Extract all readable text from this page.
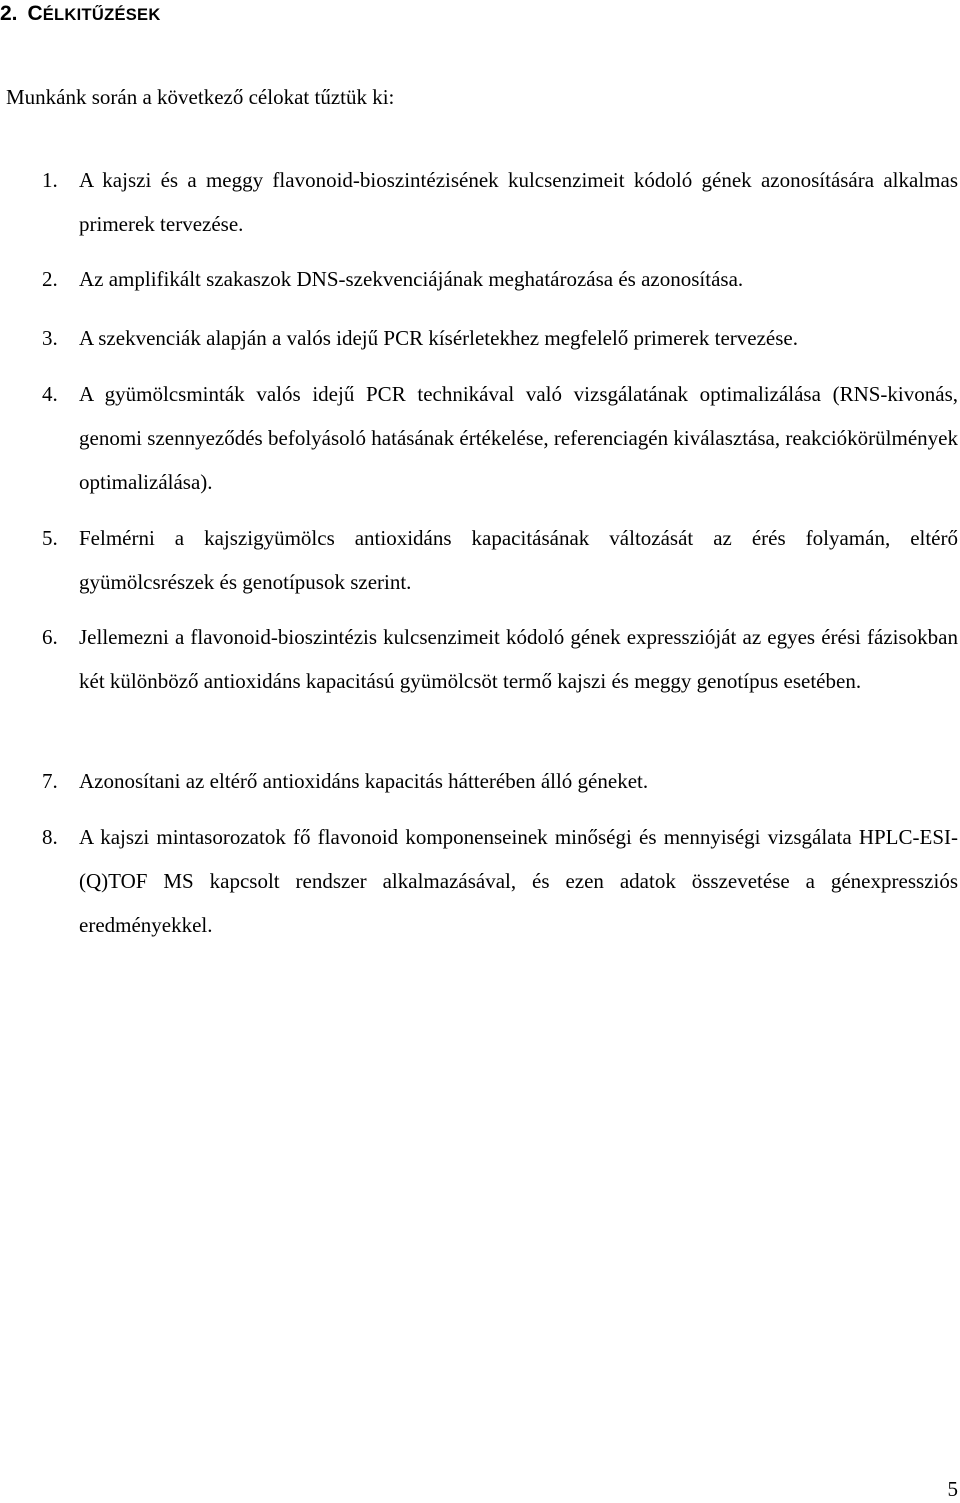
2. CÉLKITŰZÉSEK

Munkánk során a következő célokat tűztük ki:

1. A kajszi és a meggy flavonoid-bioszintézisének kulcsenzimeit kódoló gének azonosítására alkalmas primerek tervezése.
2. Az amplifikált szakaszok DNS-szekvenciájának meghatározása és azonosítása.
3. A szekvenciák alapján a valós idejű PCR kísérletekhez megfelelő primerek tervezése.
4. A gyümölcsminták valós idejű PCR technikával való vizsgálatának optimalizálása (RNS-kivonás, genomi szennyeződés befolyásoló hatásának értékelése, referenciagén kiválasztása, reakciókörülmények optimalizálása).
5. Felmérni a kajszigyümölcs antioxidáns kapacitásának változását az érés folyamán, eltérő gyümölcsrészek és genotípusok szerint.
6. Jellemezni a flavonoid-bioszintézis kulcsenzimeit kódoló gének expresszióját az egyes érési fázisokban két különböző antioxidáns kapacitású gyümölcsöt termő kajszi és meggy genotípus esetében.
7. Azonosítani az eltérő antioxidáns kapacitás hátterében álló géneket.
8. A kajszi mintasorozatok fő flavonoid komponenseinek minőségi és mennyiségi vizsgálata HPLC-ESI-(Q)TOF MS kapcsolt rendszer alkalmazásával, és ezen adatok összevetése a génexpressziós eredményekkel.
5
